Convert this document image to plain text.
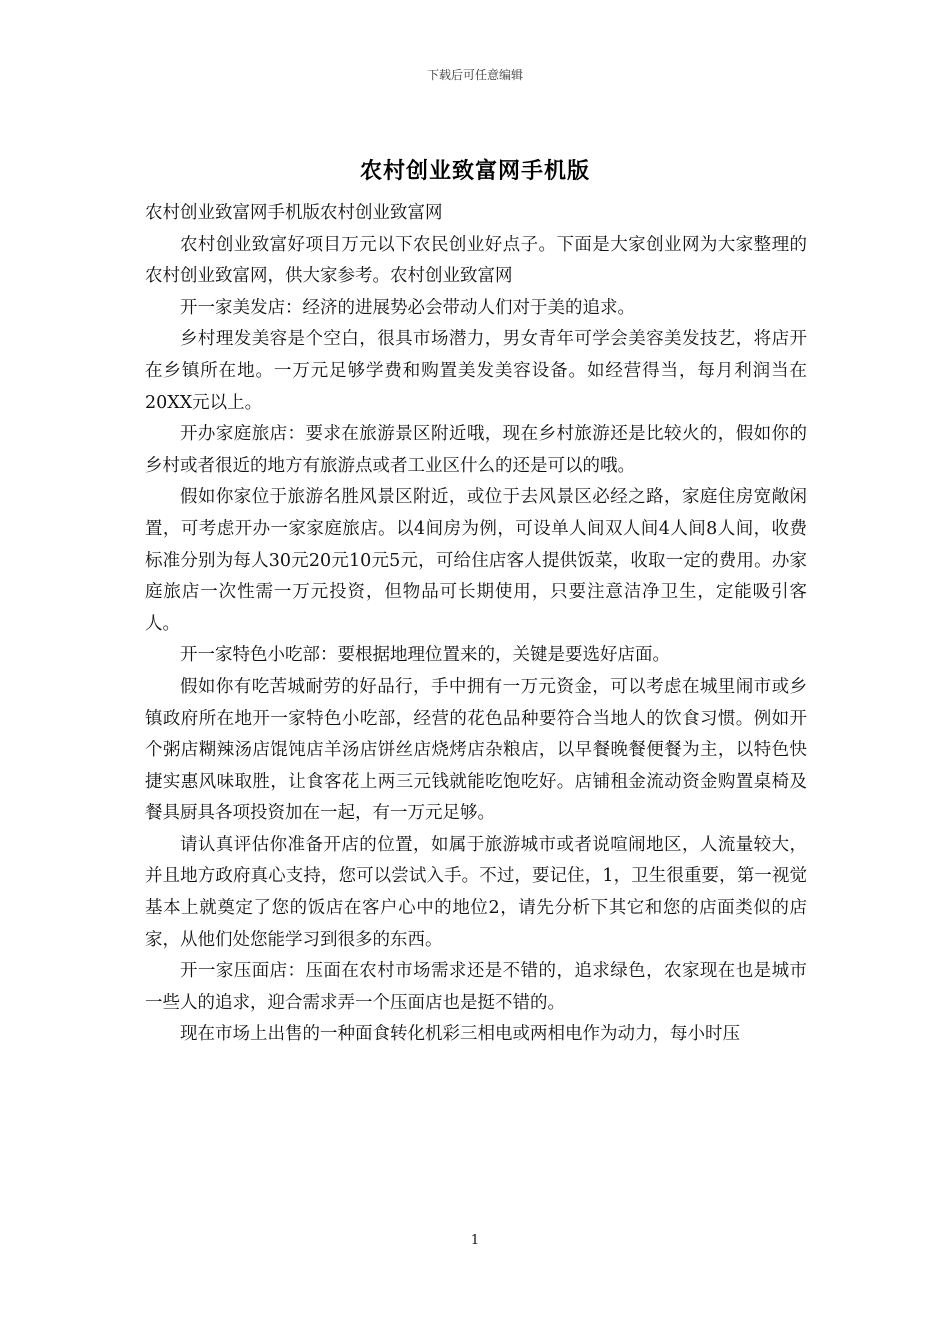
下载后可任意编辑
农村创业致富网手机版

农村创业致富网手机版农村创业致富网

农村创业致富好项目万元以下农民创业好点子。下面是大家创业网为大家整理的农村创业致富网，供大家参考。农村创业致富网

开一家美发店：经济的进展势必会带动人们对于美的追求。

乡村理发美容是个空白，很具市场潜力，男女青年可学会美容美发技艺，将店开在乡镇所在地。一万元足够学费和购置美发美容设备。如经营得当，每月利润当在20XX元以上。

开办家庭旅店：要求在旅游景区附近哦，现在乡村旅游还是比较火的，假如你的乡村或者很近的地方有旅游点或者工业区什么的还是可以的哦。

假如你家位于旅游名胜风景区附近，或位于去风景区必经之路，家庭住房宽敞闲置，可考虑开办一家家庭旅店。以4间房为例，可设单人间双人间4人间8人间，收费标准分别为每人30元20元10元5元，可给住店客人提供饭菜，收取一定的费用。办家庭旅店一次性需一万元投资，但物品可长期使用，只要注意洁净卫生，定能吸引客人。

开一家特色小吃部：要根据地理位置来的，关键是要选好店面。

假如你有吃苦城耐劳的好品行，手中拥有一万元资金，可以考虑在城里闹市或乡镇政府所在地开一家特色小吃部，经营的花色品种要符合当地人的饮食习惯。例如开个粥店糊辣汤店馄饨店羊汤店饼丝店烧烤店杂粮店，以早餐晚餐便餐为主，以特色快捷实惠风味取胜，让食客花上两三元钱就能吃饱吃好。店铺租金流动资金购置桌椅及餐具厨具各项投资加在一起，有一万元足够。

请认真评估你准备开店的位置，如属于旅游城市或者说喧闹地区，人流量较大，并且地方政府真心支持，您可以尝试入手。不过，要记住，1，卫生很重要，第一视觉基本上就奠定了您的饭店在客户心中的地位2，请先分析下其它和您的店面类似的店家，从他们处您能学习到很多的东西。

开一家压面店：压面在农村市场需求还是不错的，追求绿色，农家现在也是城市一些人的追求，迎合需求弄一个压面店也是挺不错的。

现在市场上出售的一种面食转化机彩三相电或两相电作为动力，每小时压

1
